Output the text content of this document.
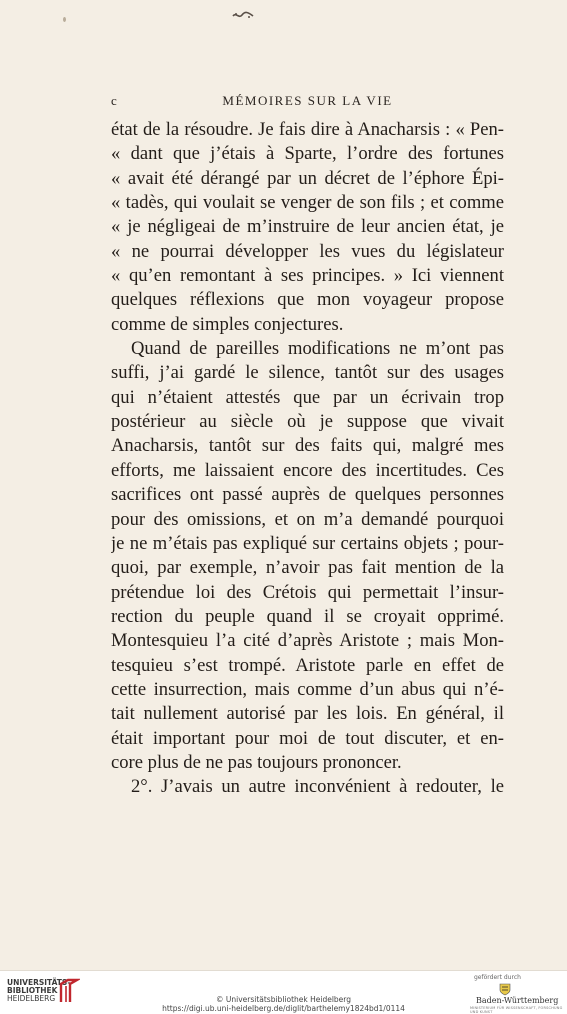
c	MÉMOIRES SUR LA VIE
état de la résoudre. Je fais dire à Anacharsis : « Pen-
« dant que j’étais à Sparte, l’ordre des fortunes
« avait été dérangé par un décret de l’éphore Épi-
« tadès, qui voulait se venger de son fils ; et comme
« je négligeai de m’instruire de leur ancien état, je
« ne pourrai développer les vues du législateur
« qu’en remontant à ses principes. » Ici viennent
quelques réflexions que mon voyageur propose
comme de simples conjectures.
Quand de pareilles modifications ne m’ont pas
suffi, j’ai gardé le silence, tantôt sur des usages
qui n’étaient attestés que par un écrivain trop
postérieur au siècle où je suppose que vivait
Anacharsis, tantôt sur des faits qui, malgré mes
efforts, me laissaient encore des incertitudes. Ces
sacrifices ont passé auprès de quelques personnes
pour des omissions, et on m’a demandé pourquoi
je ne m’étais pas expliqué sur certains objets ; pour-
quoi, par exemple, n’avoir pas fait mention de la
prétendue loi des Crétois qui permettait l’insur-
rection du peuple quand il se croyait opprimé.
Montesquieu l’a cité d’après Aristote ; mais Mon-
tesquieu s’est trompé. Aristote parle en effet de
cette insurrection, mais comme d’un abus qui n’é-
tait nullement autorisé par les lois. En général, il
était important pour moi de tout discuter, et en-
core plus de ne pas toujours prononcer.
2°. J’avais un autre inconvénient à redouter, le
UNIVERSITÄTS-
BIBLIOTHEK
HEIDELBERG	© Universitätsbibliothek Heidelberg
https://digi.ub.uni-heidelberg.de/diglit/barthelemy1824bd1/0114
gefördert durch
Baden-Württemberg
MINISTERIUM FÜR WISSENSCHAFT, FORSCHUNG UND KUNST
